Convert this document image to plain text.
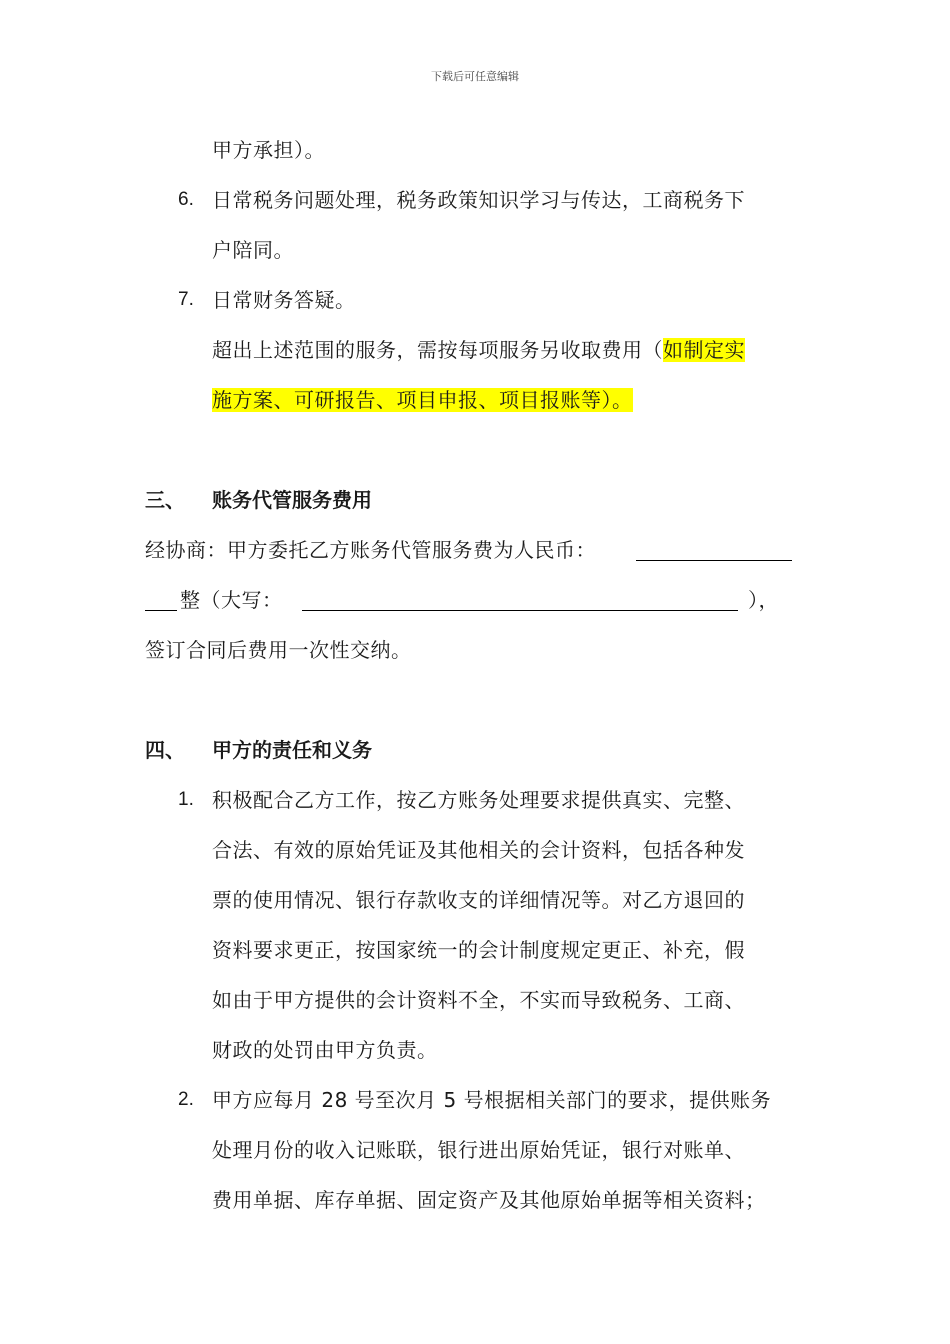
下载后可任意编辑
甲方承担）。
6. 日常税务问题处理，税务政策知识学习与传达，工商税务下
户陪同。
7. 日常财务答疑。
超出上述范围的服务，需按每项服务另收取费用（如制定实
施方案、可研报告、项目申报、项目报账等）。
三、 账务代管服务费用
经协商：甲方委托乙方账务代管服务费为人民币：
整（大写：	），
签订合同后费用一次性交纳。
四、 甲方的责任和义务
1. 积极配合乙方工作，按乙方账务处理要求提供真实、完整、
合法、有效的原始凭证及其他相关的会计资料，包括各种发
票的使用情况、银行存款收支的详细情况等。对乙方退回的
资料要求更正，按国家统一的会计制度规定更正、补充，假
如由于甲方提供的会计资料不全，不实而导致税务、工商、
财政的处罚由甲方负责。
2. 甲方应每月 28 号至次月 5 号根据相关部门的要求，提供账务
处理月份的收入记账联，银行进出原始凭证，银行对账单、
费用单据、库存单据、固定资产及其他原始单据等相关资料；
